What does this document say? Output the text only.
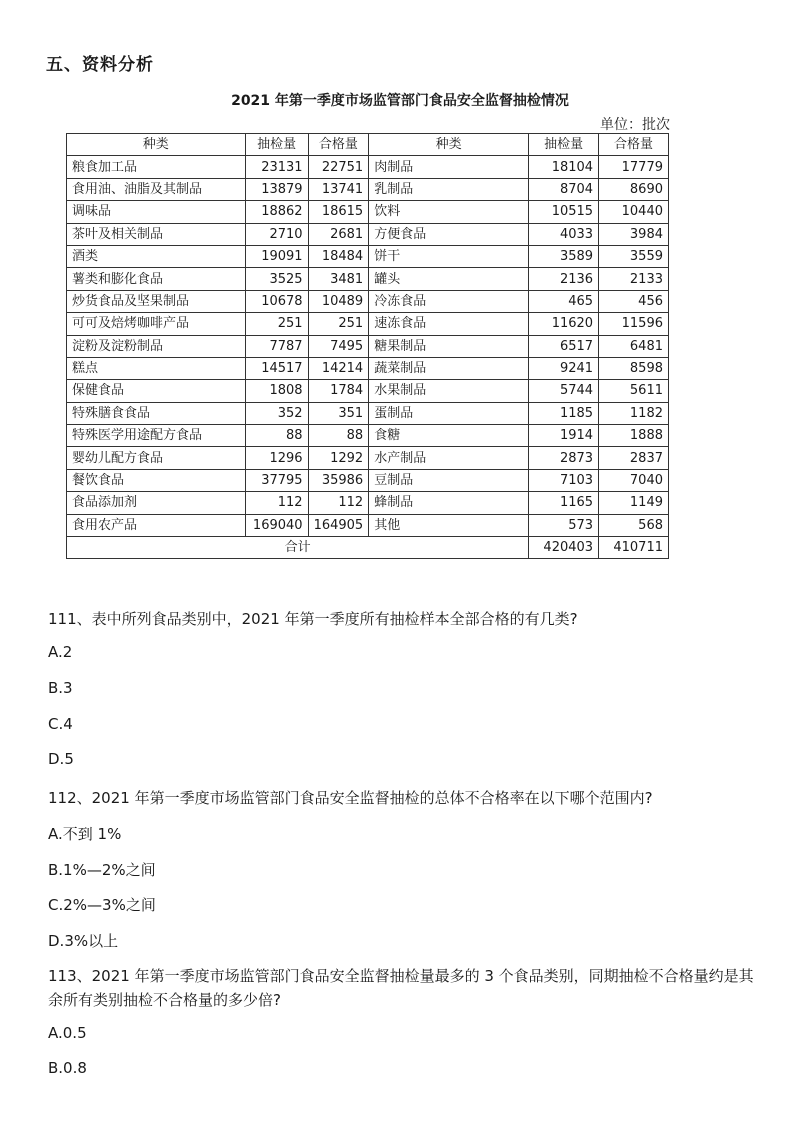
五、资料分析
2021 年第一季度市场监管部门食品安全监督抽检情况
单位：批次
种类	抽检量	合格量	种类	抽检量	合格量
粮食加工品	23131	22751	肉制品	18104	17779
食用油、油脂及其制品	13879	13741	乳制品	8704	8690
调味品	18862	18615	饮料	10515	10440
茶叶及相关制品	2710	2681	方便食品	4033	3984
酒类	19091	18484	饼干	3589	3559
薯类和膨化食品	3525	3481	罐头	2136	2133
炒货食品及坚果制品	10678	10489	冷冻食品	465	456
可可及焙烤咖啡产品	251	251	速冻食品	11620	11596
淀粉及淀粉制品	7787	7495	糖果制品	6517	6481
糕点	14517	14214	蔬菜制品	9241	8598
保健食品	1808	1784	水果制品	5744	5611
特殊膳食食品	352	351	蛋制品	1185	1182
特殊医学用途配方食品	88	88	食糖	1914	1888
婴幼儿配方食品	1296	1292	水产制品	2873	2837
餐饮食品	37795	35986	豆制品	7103	7040
食品添加剂	112	112	蜂制品	1165	1149
食用农产品	169040	164905	其他	573	568
合计				420403	410711
111、表中所列食品类别中，2021 年第一季度所有抽检样本全部合格的有几类?
A.2
B.3
C.4
D.5
112、2021 年第一季度市场监管部门食品安全监督抽检的总体不合格率在以下哪个范围内?
A.不到 1%
B.1%—2%之间
C.2%—3%之间
D.3%以上
113、2021 年第一季度市场监管部门食品安全监督抽检量最多的 3 个食品类别，同期抽检不合格量约是其余所有类别抽检不合格量的多少倍?
A.0.5
B.0.8
